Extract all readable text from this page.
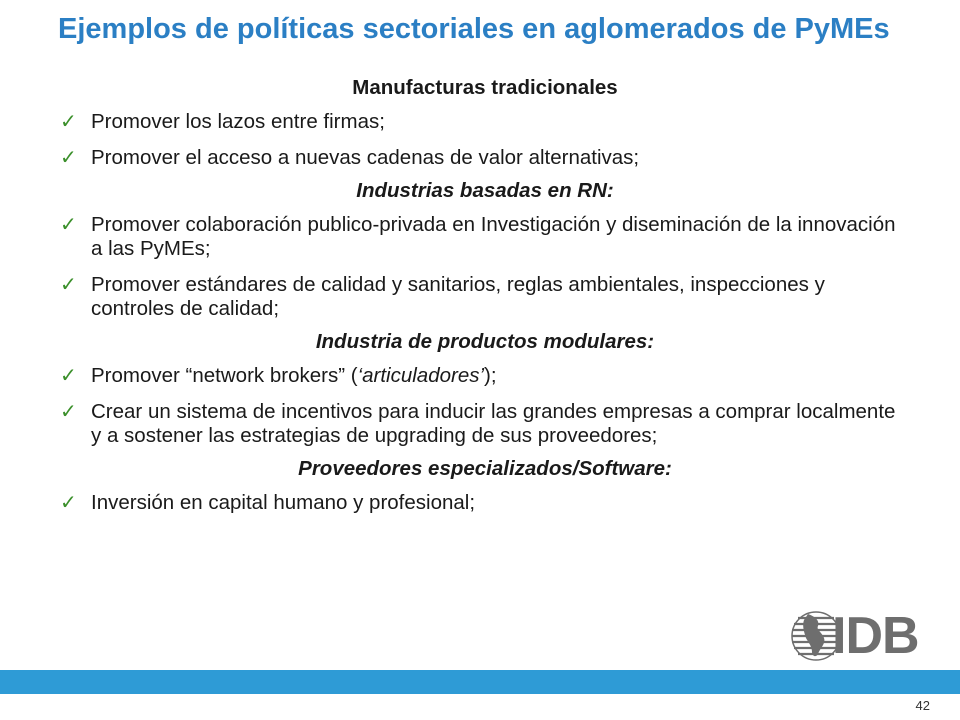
Ejemplos de políticas sectoriales en aglomerados de PyMEs
Manufacturas tradicionales
✓ Promover los lazos entre firmas;
✓ Promover el acceso a nuevas cadenas de valor alternativas;
Industrias basadas en RN:
✓ Promover colaboración publico-privada en Investigación y diseminación de la innovación a las PyMEs;
✓ Promover estándares de calidad y sanitarios, reglas ambientales, inspecciones y controles de calidad;
Industria de productos modulares:
✓ Promover “network brokers” (‘articuladores’);
✓ Crear un sistema de incentivos para inducir las grandes empresas a comprar localmente y a sostener las estrategias de upgrading de sus proveedores;
Proveedores especializados/Software:
✓ Inversión en capital humano y profesional;
IDB
42
